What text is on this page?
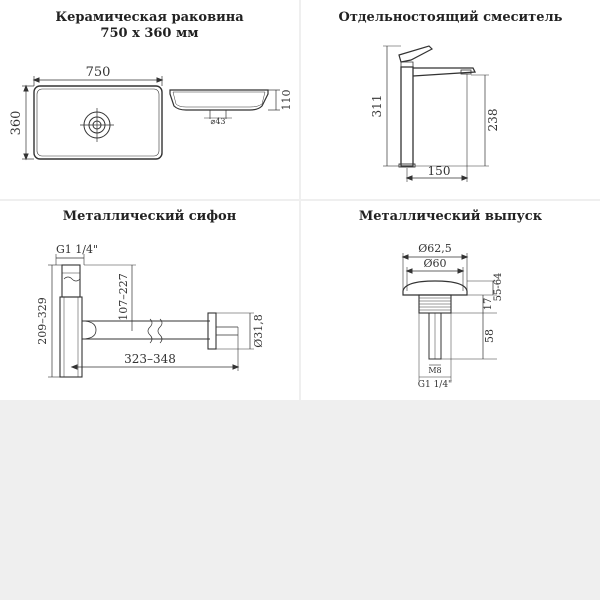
Керамическая раковина
750 x 360 мм
750
360
110
⌀43
Отдельностоящий смеситель
311
238
150
Металлический сифон
G1 1/4"
209–329
107–227
323–348
Ø31,8
Металлический выпуск
Ø62,5
Ø60
55-64
17
58
M8
G1 1/4"
